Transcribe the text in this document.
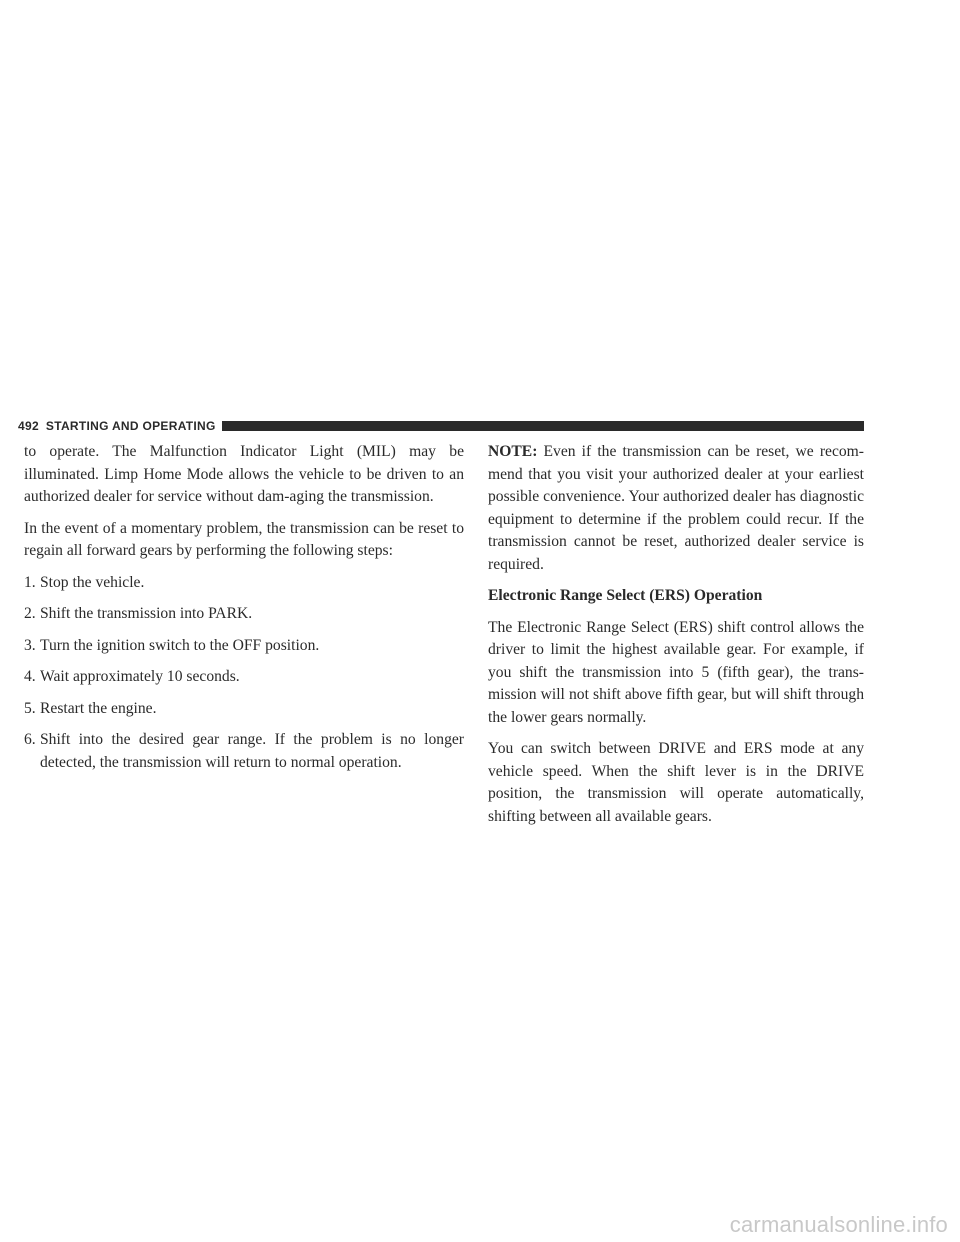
492 STARTING AND OPERATING

to operate. The Malfunction Indicator Light (MIL) may be illuminated. Limp Home Mode allows the vehicle to be driven to an authorized dealer for service without dam-aging the transmission.

In the event of a momentary problem, the transmission can be reset to regain all forward gears by performing the following steps:

1. Stop the vehicle.
2. Shift the transmission into PARK.
3. Turn the ignition switch to the OFF position.
4. Wait approximately 10 seconds.
5. Restart the engine.
6. Shift into the desired gear range. If the problem is no longer detected, the transmission will return to normal operation.

NOTE: Even if the transmission can be reset, we recom-mend that you visit your authorized dealer at your earliest possible convenience. Your authorized dealer has diagnostic equipment to determine if the problem could recur. If the transmission cannot be reset, authorized dealer service is required.

Electronic Range Select (ERS) Operation

The Electronic Range Select (ERS) shift control allows the driver to limit the highest available gear. For example, if you shift the transmission into 5 (fifth gear), the trans-mission will not shift above fifth gear, but will shift through the lower gears normally.

You can switch between DRIVE and ERS mode at any vehicle speed. When the shift lever is in the DRIVE position, the transmission will operate automatically, shifting between all available gears.

carmanualsonline.info
